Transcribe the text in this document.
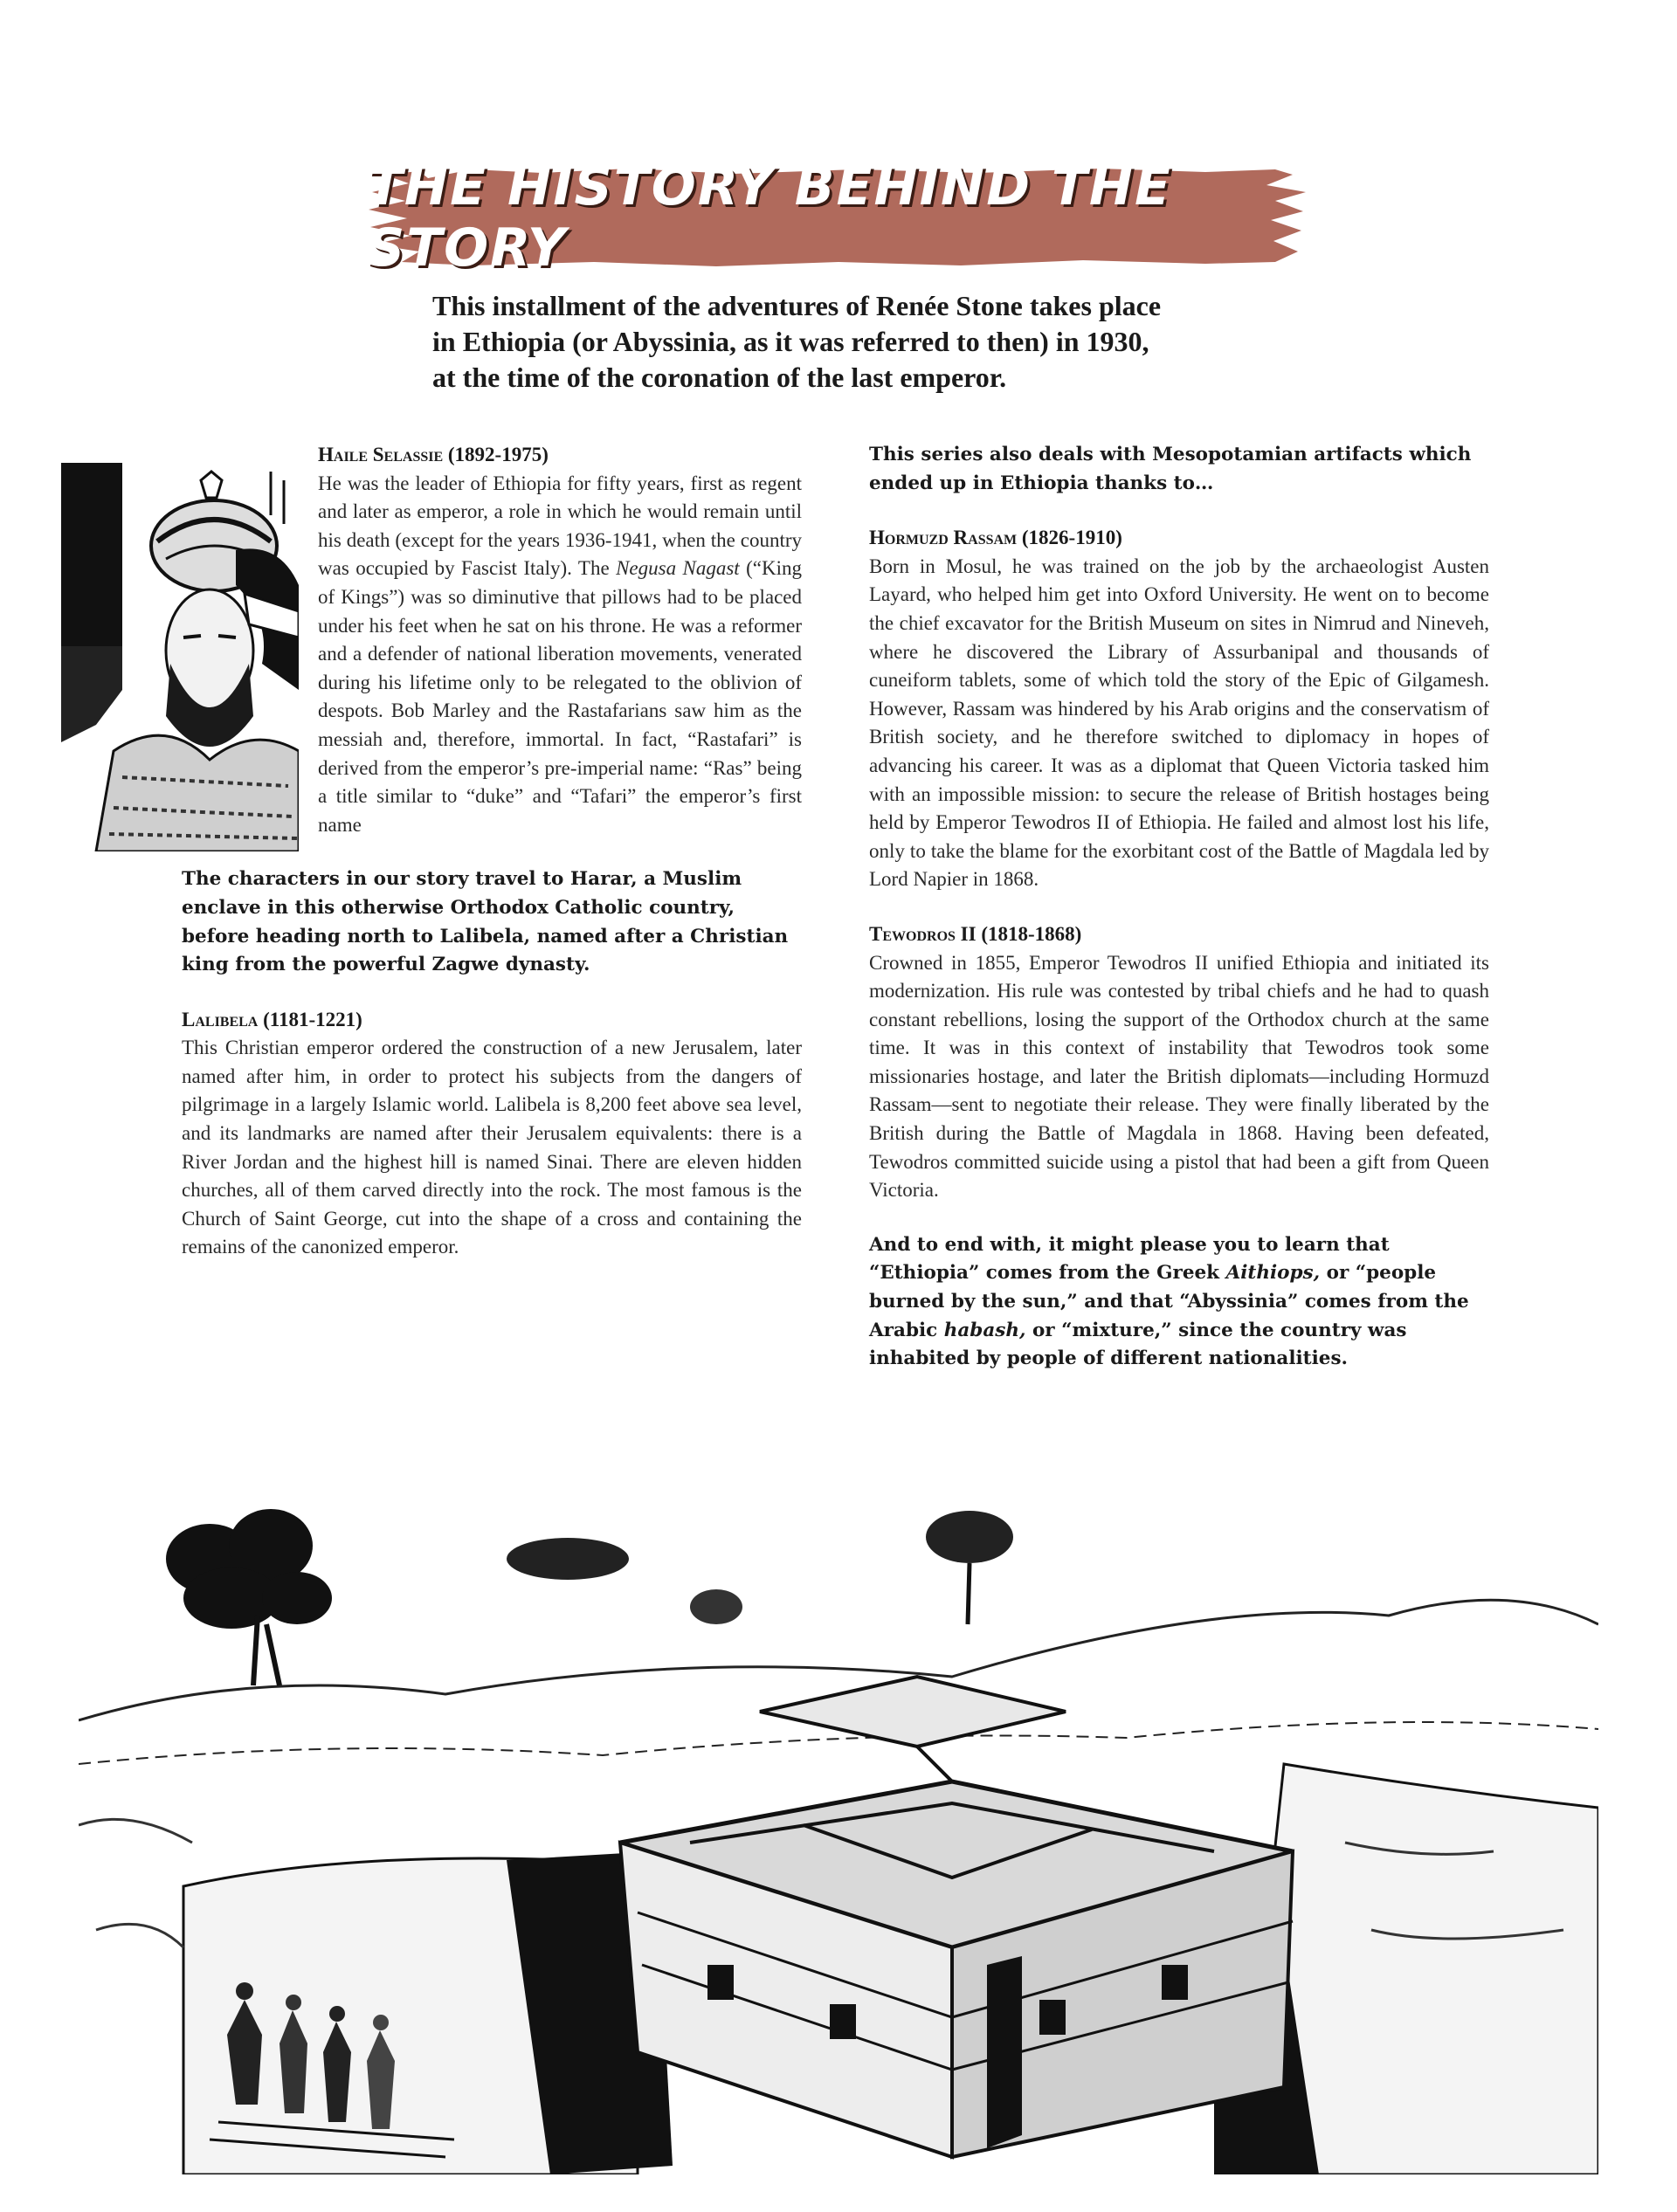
THE HISTORY BEHIND THE STORY

This installment of the adventures of Renée Stone takes place

in Ethiopia (or Abyssinia, as it was referred to then) in 1930,

at the time of the coronation of the last emperor.

Haile Selassie (1892-1975)
He was the leader of Ethiopia for fifty years, first as regent and later as emperor, a role in which he would remain until his death (except for the years 1936-1941, when the country was occupied by Fascist Italy). The Negusa Nagast (“King of Kings”) was so diminutive that pillows had to be placed under his feet when he sat on his throne. He was a reformer and a defender of national liberation movements, venerated during his lifetime only to be relegated to the oblivion of despots. Bob Marley and the Rastafarians saw him as the messiah and, therefore, immortal. In fact, “Rastafari” is derived from the emperor’s pre-imperial name: “Ras” being a title similar to “duke” and “Tafari” the emperor’s first name

The characters in our story travel to Harar, a Muslim enclave in this otherwise Orthodox Catholic country, before heading north to Lalibela, named after a Christian king from the powerful Zagwe dynasty.

Lalibela (1181-1221)
This Christian emperor ordered the construction of a new Jerusalem, later named after him, in order to protect his subjects from the dangers of pilgrimage in a largely Islamic world. Lalibela is 8,200 feet above sea level, and its landmarks are named after their Jerusalem equivalents: there is a River Jordan and the highest hill is named Sinai. There are eleven hidden churches, all of them carved directly into the rock. The most famous is the Church of Saint George, cut into the shape of a cross and containing the remains of the canonized emperor.

This series also deals with Mesopotamian artifacts which ended up in Ethiopia thanks to…

Hormuzd Rassam (1826-1910)
Born in Mosul, he was trained on the job by the archaeologist Austen Layard, who helped him get into Oxford University. He went on to become the chief excavator for the British Museum on sites in Nimrud and Nineveh, where he discovered the Library of Assurbanipal and thousands of cuneiform tablets, some of which told the story of the Epic of Gilgamesh. However, Rassam was hindered by his Arab origins and the conservatism of British society, and he therefore switched to diplomacy in hopes of advancing his career. It was as a diplomat that Queen Victoria tasked him with an impossible mission: to secure the release of British hostages being held by Emperor Tewodros II of Ethiopia. He failed and almost lost his life, only to take the blame for the exorbitant cost of the Battle of Magdala led by Lord Napier in 1868.

Tewodros II (1818-1868)
Crowned in 1855, Emperor Tewodros II unified Ethiopia and initiated its modernization. His rule was contested by tribal chiefs and he had to quash constant rebellions, losing the support of the Orthodox church at the same time. It was in this context of instability that Tewodros took some missionaries hostage, and later the British diplomats—including Hormuzd Rassam—sent to negotiate their release. They were finally liberated by the British during the Battle of Magdala in 1868. Having been defeated, Tewodros committed suicide using a pistol that had been a gift from Queen Victoria.

And to end with, it might please you to learn that “Ethiopia” comes from the Greek Aithiops, or “people burned by the sun,” and that “Abyssinia” comes from the Arabic habash, or “mixture,” since the country was inhabited by people of different nationalities.
